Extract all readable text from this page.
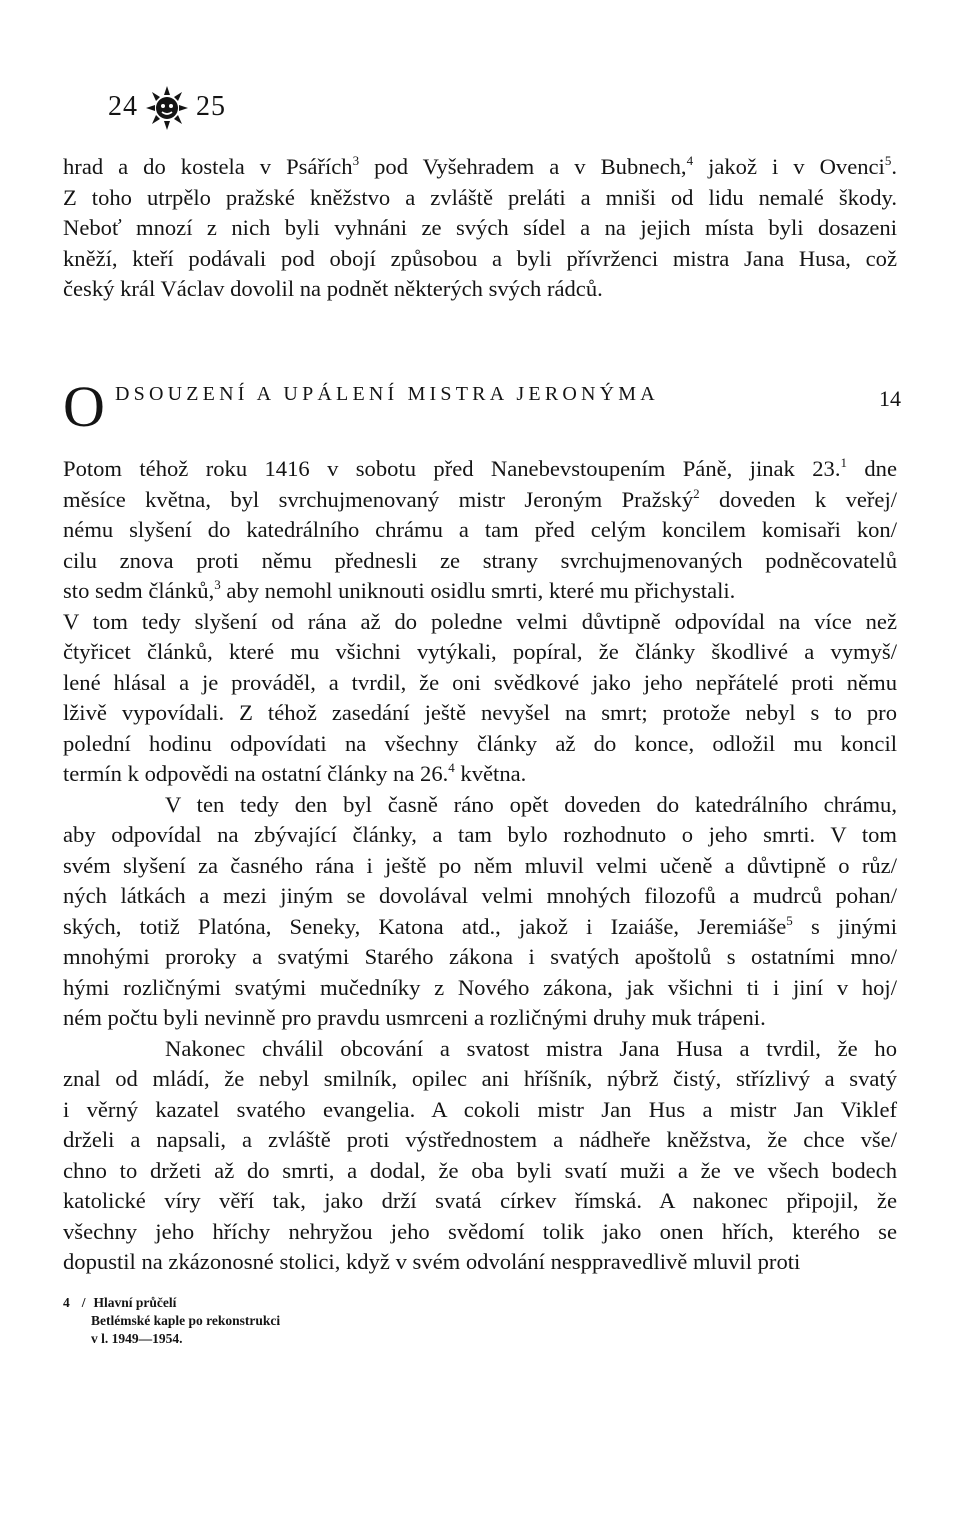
24 25
hrad a do kostela v Psářích$^3$ pod Vyšehradem a v Bubnech,$^4$ jakož i v Ovenci$^5$.
Z toho utrpělo pražské kněžstvo a zvláště preláti a mniši od lidu nemalé škody.
Neboť mnozí z nich byli vyhnáni ze svých sídel a na jejich místa byli dosazeni
kněží, kteří podávali pod obojí způsobou a byli přívrženci mistra Jana Husa, což
český král Václav dovolil na podnět některých svých rádců.
O DSOUZENÍ A UPÁLENÍ MISTRA JERONÝMA	14
Potom téhož roku 1416 v sobotu před Nanebevstoupením Páně, jinak 23.$^1$ dne
měsíce května, byl svrchujmenovaný mistr Jeroným Pražský$^2$ doveden k veřej/
nému slyšení do katedrálního chrámu a tam před celým koncilem komisaři kon/
cilu znova proti němu přednesli ze strany svrchujmenovaných podněcovatelů
sto sedm článků,$^3$ aby nemohl uniknouti osidlu smrti, které mu přichystali.
V tom tedy slyšení od rána až do poledne velmi důvtipně odpovídal na více než
čtyřicet článků, které mu všichni vytýkali, popíral, že články škodlivé a vymyš/
lené hlásal a je prováděl, a tvrdil, že oni svědkové jako jeho nepřátelé proti němu
lživě vypovídali. Z téhož zasedání ještě nevyšel na smrt; protože nebyl s to pro
polední hodinu odpovídati na všechny články až do konce, odložil mu koncil
termín k odpovědi na ostatní články na 26.$^4$ května.
V ten tedy den byl časně ráno opět doveden do katedrálního chrámu,
aby odpovídal na zbývající články, a tam bylo rozhodnuto o jeho smrti. V tom
svém slyšení za časného rána i ještě po něm mluvil velmi učeně a důvtipně o růz/
ných látkách a mezi jiným se dovolával velmi mnohých filozofů a mudrců pohan/
ských, totiž Platóna, Seneky, Katona atd., jakož i Izaiáše, Jeremiáše$^5$ s jinými
mnohými proroky a svatými Starého zákona i svatých apoštolů s ostatními mno/
hými rozličnými svatými mučedníky z Nového zákona, jak všichni ti i jiní v hoj/
ném počtu byli nevinně pro pravdu usmrceni a rozličnými druhy muk trápeni.
Nakonec chválil obcování a svatost mistra Jana Husa a tvrdil, že ho
znal od mládí, že nebyl smilník, opilec ani hříšník, nýbrž čistý, střízlivý a svatý
i věrný kazatel svatého evangelia. A cokoli mistr Jan Hus a mistr Jan Viklef
drželi a napsali, a zvláště proti výstřednostem a nádheře kněžstva, že chce vše/
chno to držeti až do smrti, a dodal, že oba byli svatí muži a že ve všech bodech
katolické víry věří tak, jako drží svatá církev římská. A nakonec připojil, že
všechny jeho hříchy nehryžou jeho svědomí tolik jako onen hřích, kterého se
dopustil na zkázonosné stolici, když v svém odvolání nesppravedlivě mluvil proti
4 / Hlavní průčelí
Betlémské kaple po rekonstrukci
v l. 1949—1954.
